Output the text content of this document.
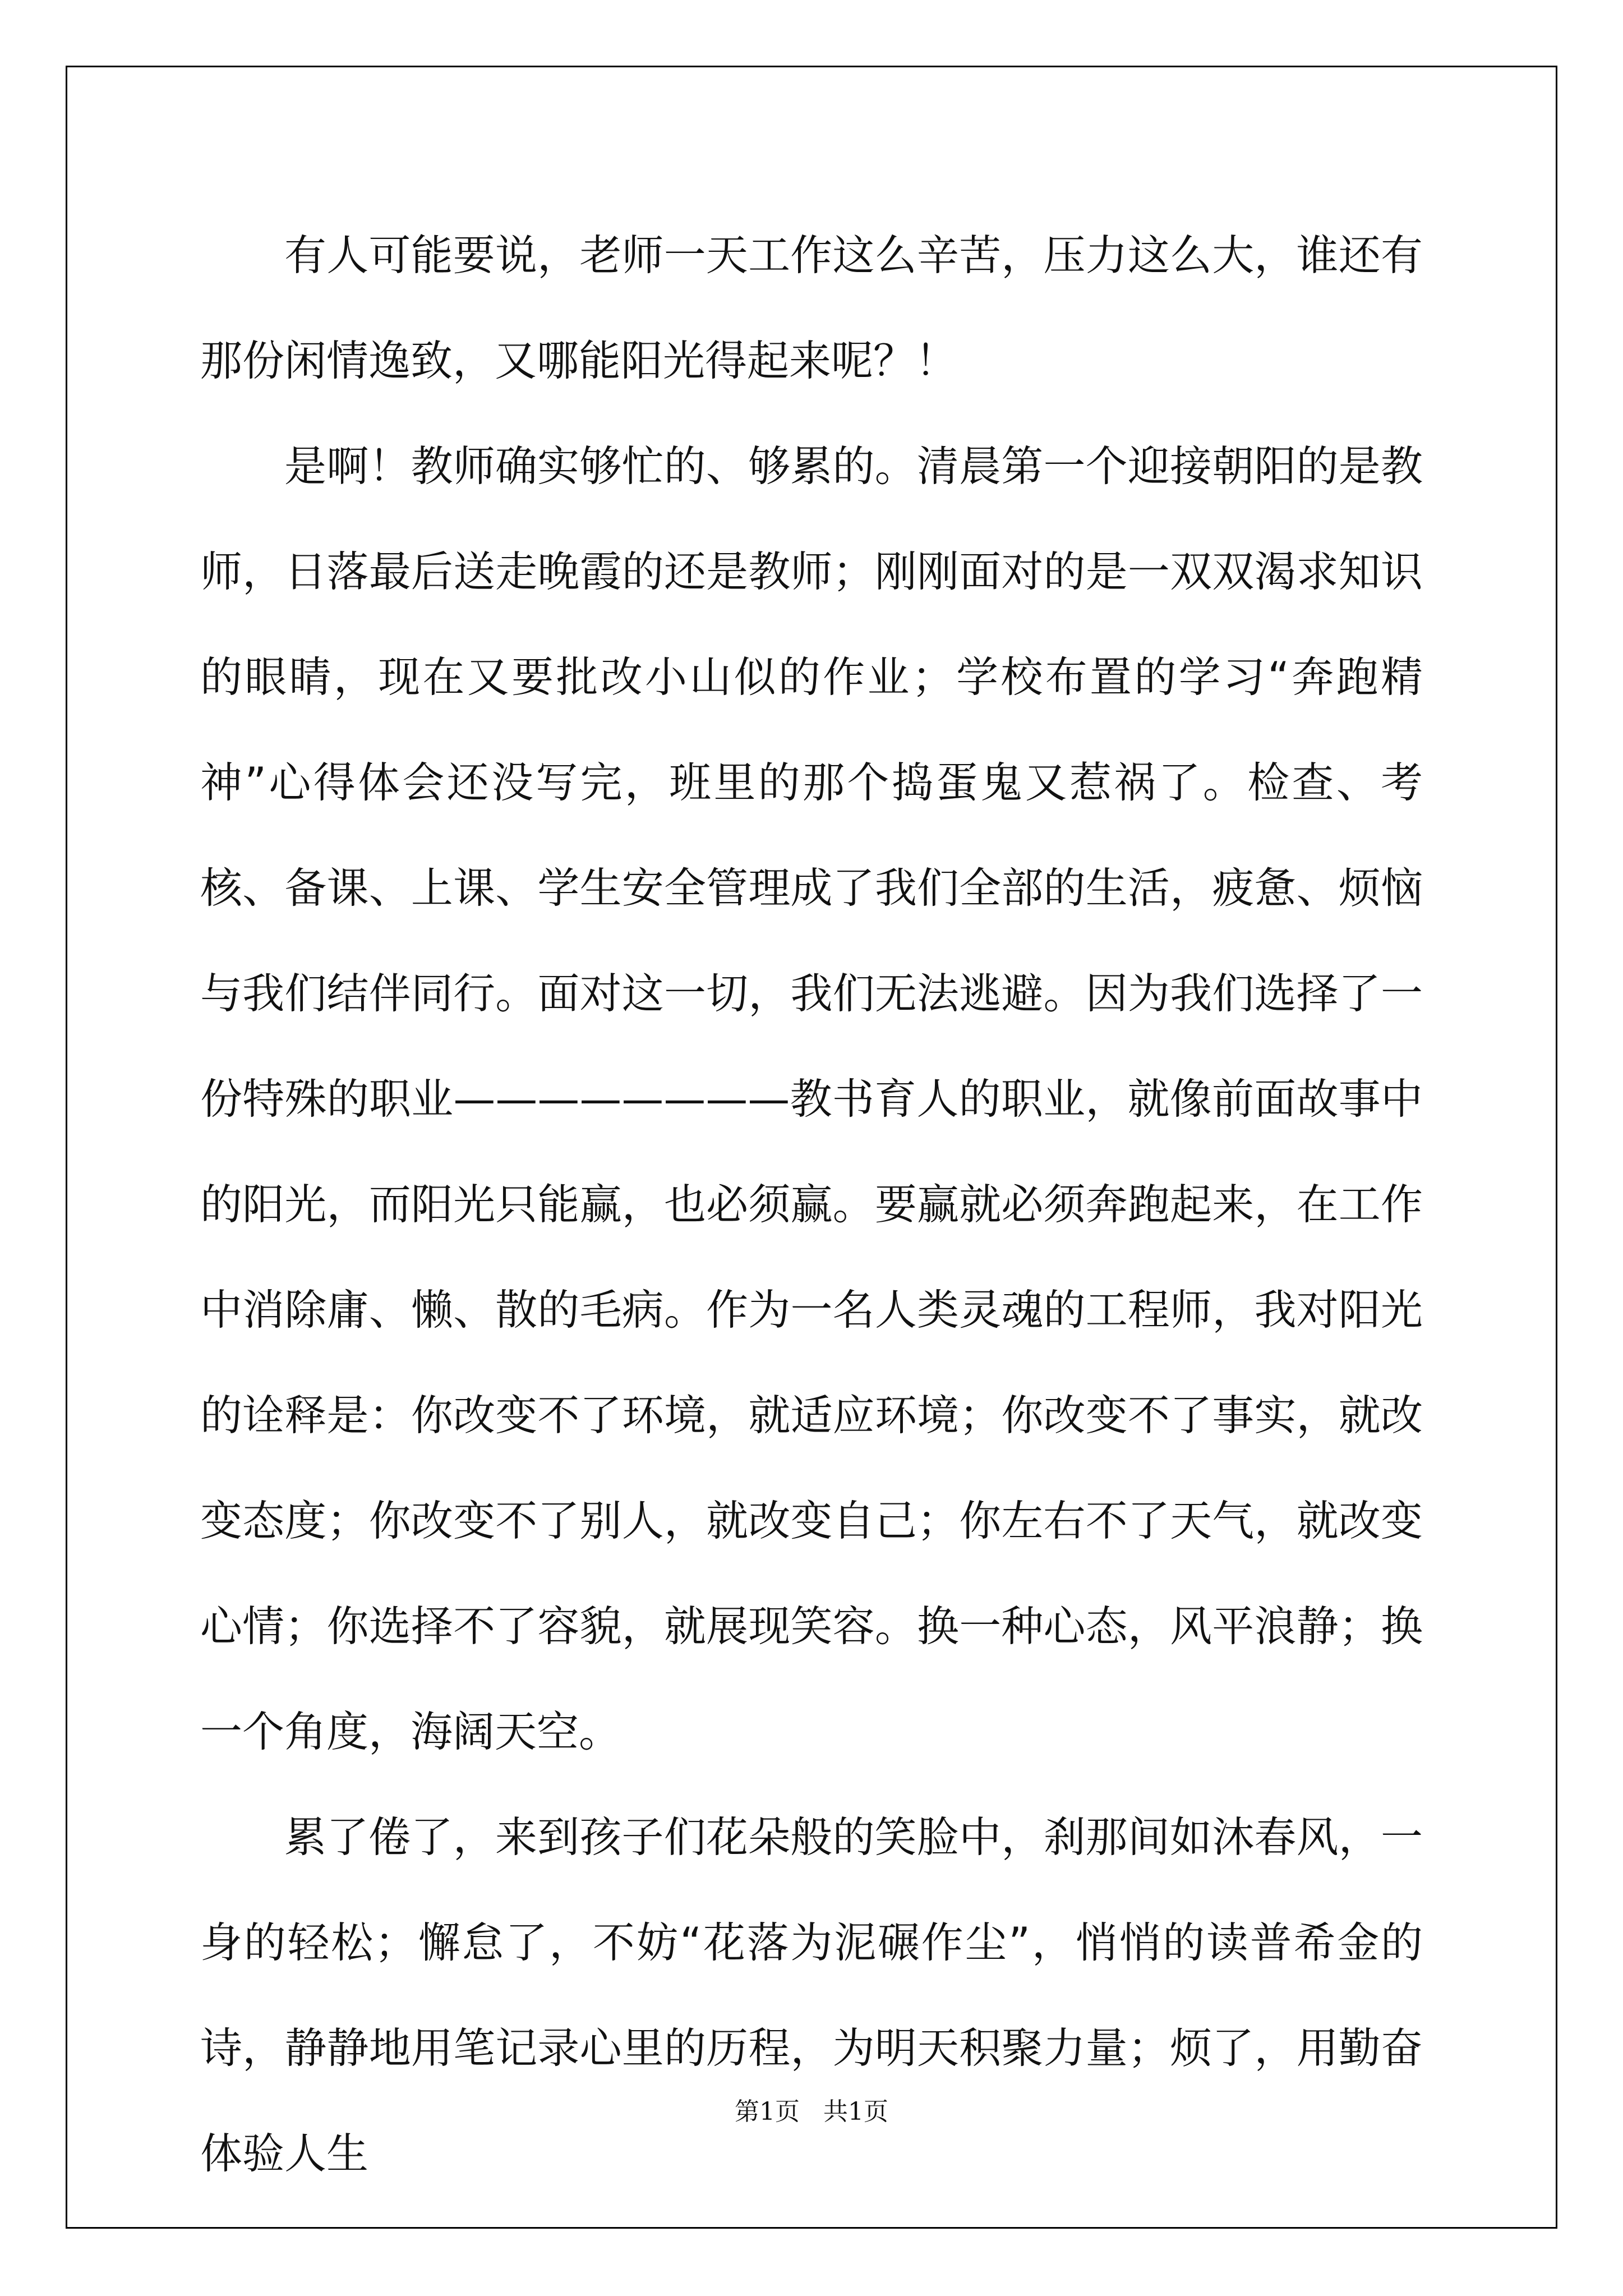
有人可能要说，老师一天工作这么辛苦，压力这么大，谁还有那份闲情逸致，又哪能阳光得起来呢？！

是啊！教师确实够忙的、够累的。清晨第一个迎接朝阳的是教师，日落最后送走晚霞的还是教师；刚刚面对的是一双双渴求知识的眼睛，现在又要批改小山似的作业；学校布置的学习“奔跑精神”心得体会还没写完，班里的那个捣蛋鬼又惹祸了。检查、考核、备课、上课、学生安全管理成了我们全部的生活，疲惫、烦恼与我们结伴同行。面对这一切，我们无法逃避。因为我们选择了一份特殊的职业————————教书育人的职业，就像前面故事中的阳光，而阳光只能赢，也必须赢。要赢就必须奔跑起来，在工作中消除庸、懒、散的毛病。作为一名人类灵魂的工程师，我对阳光的诠释是：你改变不了环境，就适应环境；你改变不了事实，就改变态度；你改变不了别人，就改变自己；你左右不了天气，就改变心情；你选择不了容貌，就展现笑容。换一种心态，风平浪静；换一个角度，海阔天空。

累了倦了，来到孩子们花朵般的笑脸中，刹那间如沐春风，一身的轻松；懈怠了，不妨“花落为泥碾作尘”，悄悄的读普希金的诗，静静地用笔记录心里的历程，为明天积聚力量；烦了，用勤奋体验人生

第1页   共1页
